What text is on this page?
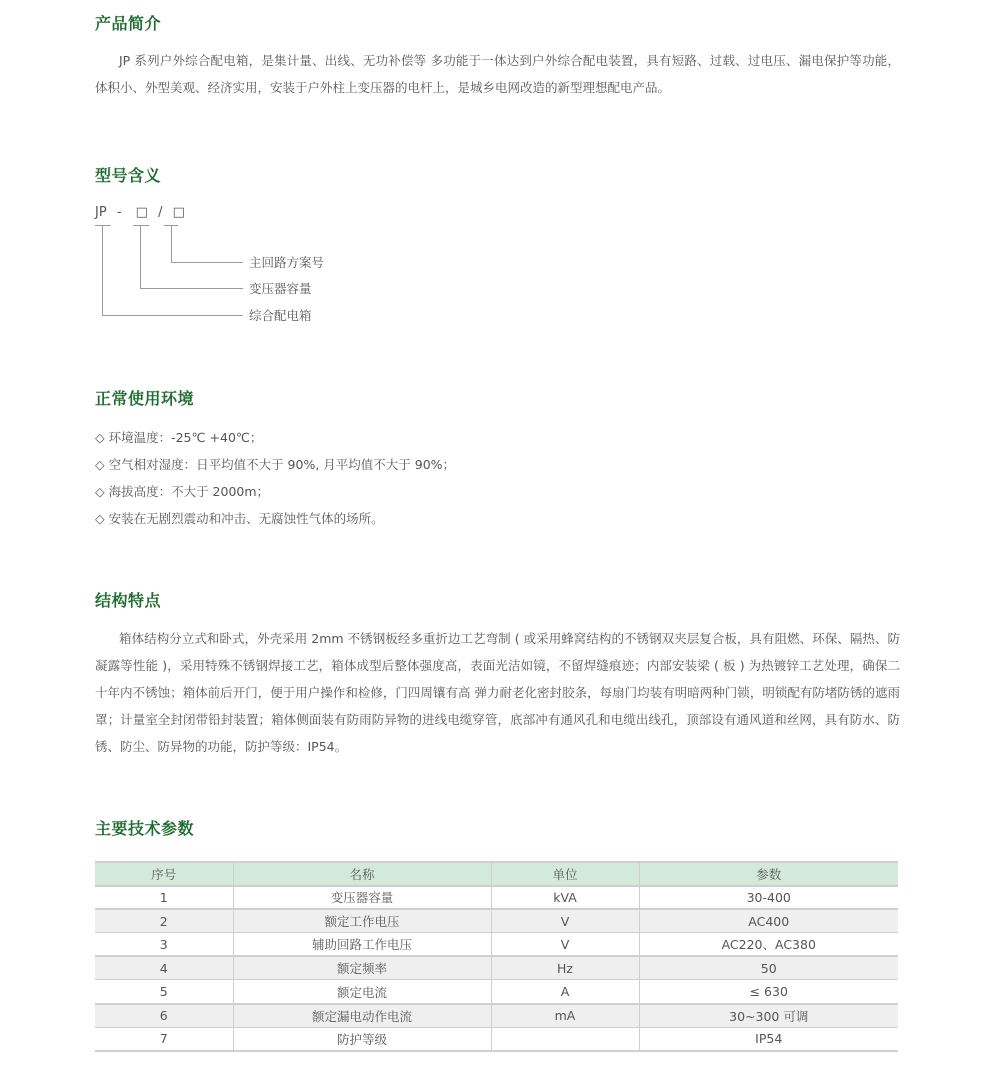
产品简介

JP 系列户外综合配电箱，是集计量、出线、无功补偿等 多功能于一体达到户外综合配电装置，具有短路、过载、过电压、漏电保护等功能，体积小、外型美观、经济实用，安装于户外柱上变压器的电杆上，是城乡电网改造的新型理想配电产品。

型号含义
JP - □ / □
主回路方案号
变压器容量
综合配电箱
正常使用环境
◇ 环境温度：-25℃ +40℃；
◇ 空气相对湿度：日平均值不大于 90%, 月平均值不大于 90%；
◇ 海拔高度：不大于 2000m；
◇ 安装在无剧烈震动和冲击、无腐蚀性气体的场所。
结构特点

箱体结构分立式和卧式，外壳采用 2mm 不锈钢板经多重折边工艺弯制 ( 或采用蜂窝结构的不锈钢双夹层复合板，具有阻燃、环保、隔热、防凝露等性能 )，采用特殊不锈钢焊接工艺，箱体成型后整体强度高，表面光洁如镜，不留焊缝痕迹；内部安装梁 ( 板 ) 为热镀锌工艺处理，确保二十年内不锈蚀；箱体前后开门，便于用户操作和检修，门四周镶有高 弹力耐老化密封胶条，每扇门均装有明暗两种门锁，明锁配有防堵防锈的遮雨罩；计量室全封闭带铅封装置；箱体侧面装有防雨防异物的进线电缆穿管，底部冲有通风孔和电缆出线孔，顶部设有通风道和丝网，具有防水、防锈、防尘、防异物的功能，防护等级：IP54。

主要技术参数
序号	名称	单位	参数
1	变压器容量	kVA	30-400
2	额定工作电压	V	AC400
3	辅助回路工作电压	V	AC220、AC380
4	额定频率	Hz	50
5	额定电流	A	≤ 630
6	额定漏电动作电流	mA	30~300 可调
7	防护等级		IP54
